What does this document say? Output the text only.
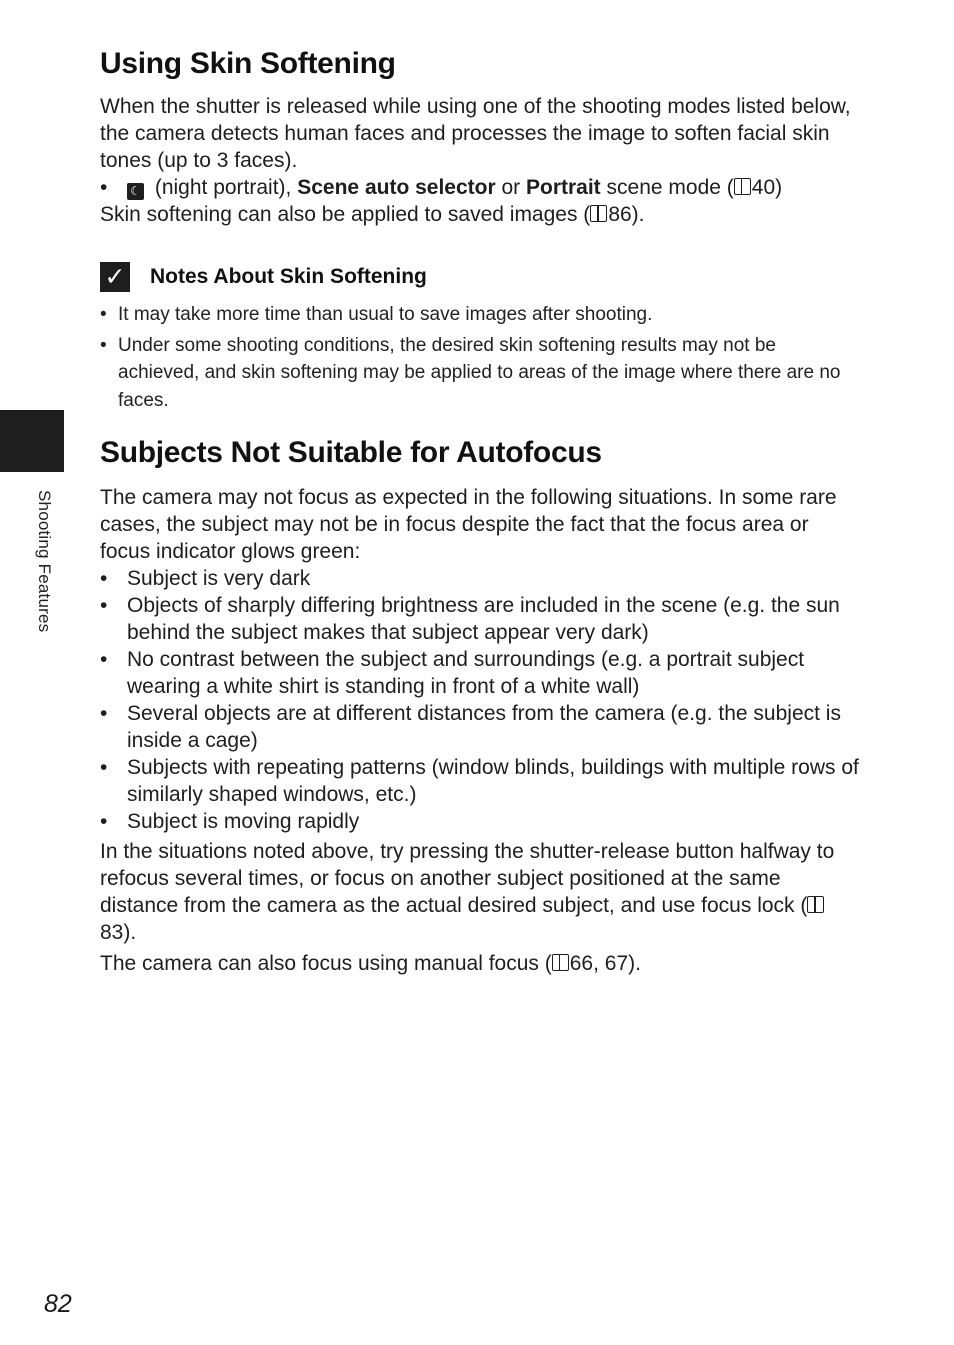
Shooting Features
Using Skin Softening

When the shutter is released while using one of the shooting modes listed below, the camera detects human faces and processes the image to soften facial skin tones (up to 3 faces).

• ☾ (night portrait), Scene auto selector or Portrait scene mode ( 40)

Skin softening can also be applied to saved images ( 86).

✓ Notes About Skin Softening
• It may take more time than usual to save images after shooting.
• Under some shooting conditions, the desired skin softening results may not be achieved, and skin softening may be applied to areas of the image where there are no faces.
Subjects Not Suitable for Autofocus

The camera may not focus as expected in the following situations. In some rare cases, the subject may not be in focus despite the fact that the focus area or focus indicator glows green:

• Subject is very dark
• Objects of sharply differing brightness are included in the scene (e.g. the sun behind the subject makes that subject appear very dark)
• No contrast between the subject and surroundings (e.g. a portrait subject wearing a white shirt is standing in front of a white wall)
• Several objects are at different distances from the camera (e.g. the subject is inside a cage)
• Subjects with repeating patterns (window blinds, buildings with multiple rows of similarly shaped windows, etc.)
• Subject is moving rapidly

In the situations noted above, try pressing the shutter-release button halfway to refocus several times, or focus on another subject positioned at the same distance from the camera as the actual desired subject, and use focus lock (83).

The camera can also focus using manual focus ( 66, 67).

82
